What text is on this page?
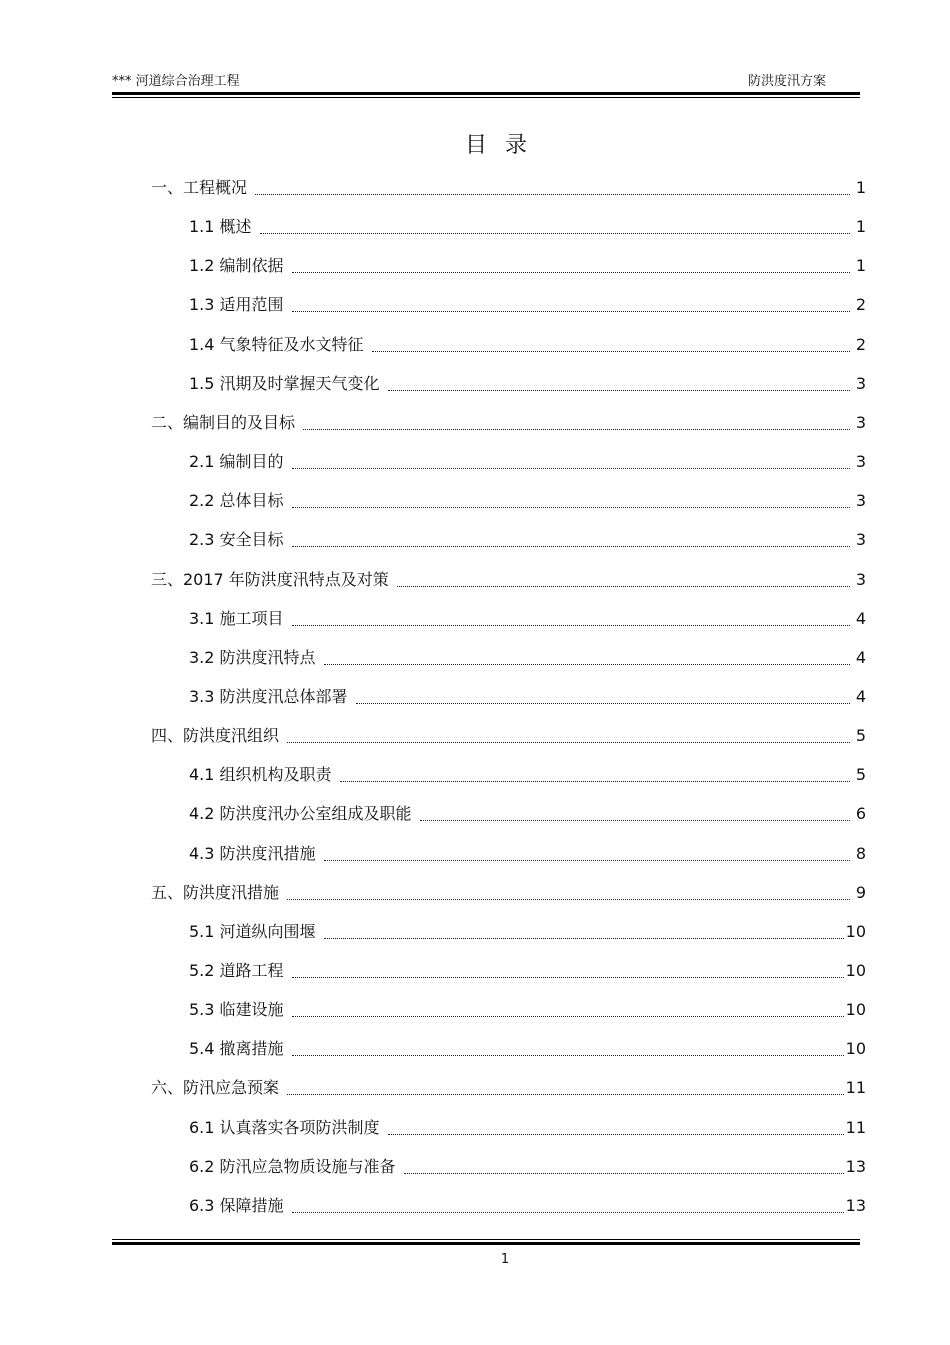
*** 河道综合治理工程	防洪度汛方案
目录
一、工程概况	1
1.1 概述	1
1.2 编制依据	1
1.3 适用范围	2
1.4 气象特征及水文特征	2
1.5 汛期及时掌握天气变化	3
二、编制目的及目标	3
2.1 编制目的	3
2.2 总体目标	3
2.3 安全目标	3
三、2017 年防洪度汛特点及对策	3
3.1 施工项目	4
3.2 防洪度汛特点	4
3.3 防洪度汛总体部署	4
四、防洪度汛组织	5
4.1 组织机构及职责	5
4.2 防洪度汛办公室组成及职能	6
4.3 防洪度汛措施	8
五、防洪度汛措施	9
5.1 河道纵向围堰	10
5.2 道路工程	10
5.3 临建设施	10
5.4 撤离措施	10
六、防汛应急预案	11
6.1 认真落实各项防洪制度	11
6.2 防汛应急物质设施与准备	13
6.3 保障措施	13
1
